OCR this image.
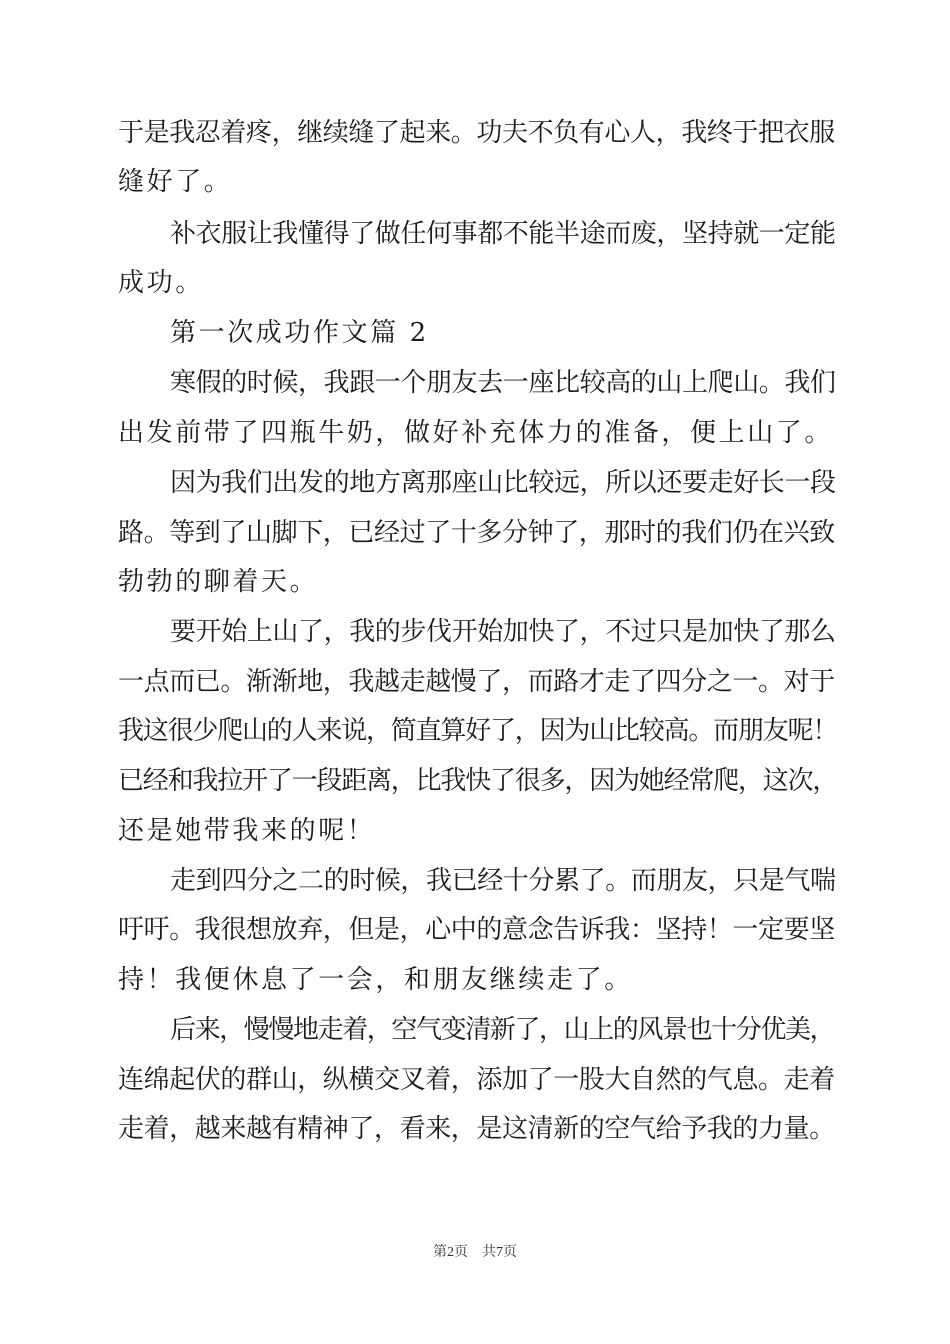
于是我忍着疼，继续缝了起来。功夫不负有心人，我终于把衣服
缝好了。
补衣服让我懂得了做任何事都不能半途而废，坚持就一定能
成功。
第一次成功作文篇 2
寒假的时候，我跟一个朋友去一座比较高的山上爬山。我们
出发前带了四瓶牛奶，做好补充体力的准备，便上山了。
因为我们出发的地方离那座山比较远，所以还要走好长一段
路。等到了山脚下，已经过了十多分钟了，那时的我们仍在兴致
勃勃的聊着天。
要开始上山了，我的步伐开始加快了，不过只是加快了那么
一点而已。渐渐地，我越走越慢了，而路才走了四分之一。对于
我这很少爬山的人来说，简直算好了，因为山比较高。而朋友呢！
已经和我拉开了一段距离，比我快了很多，因为她经常爬，这次，
还是她带我来的呢！
走到四分之二的时候，我已经十分累了。而朋友，只是气喘
吁吁。我很想放弃，但是，心中的意念告诉我：坚持！一定要坚
持！我便休息了一会，和朋友继续走了。
后来，慢慢地走着，空气变清新了，山上的风景也十分优美，
连绵起伏的群山，纵横交叉着，添加了一股大自然的气息。走着
走着，越来越有精神了，看来，是这清新的空气给予我的力量。
第2页 共7页
